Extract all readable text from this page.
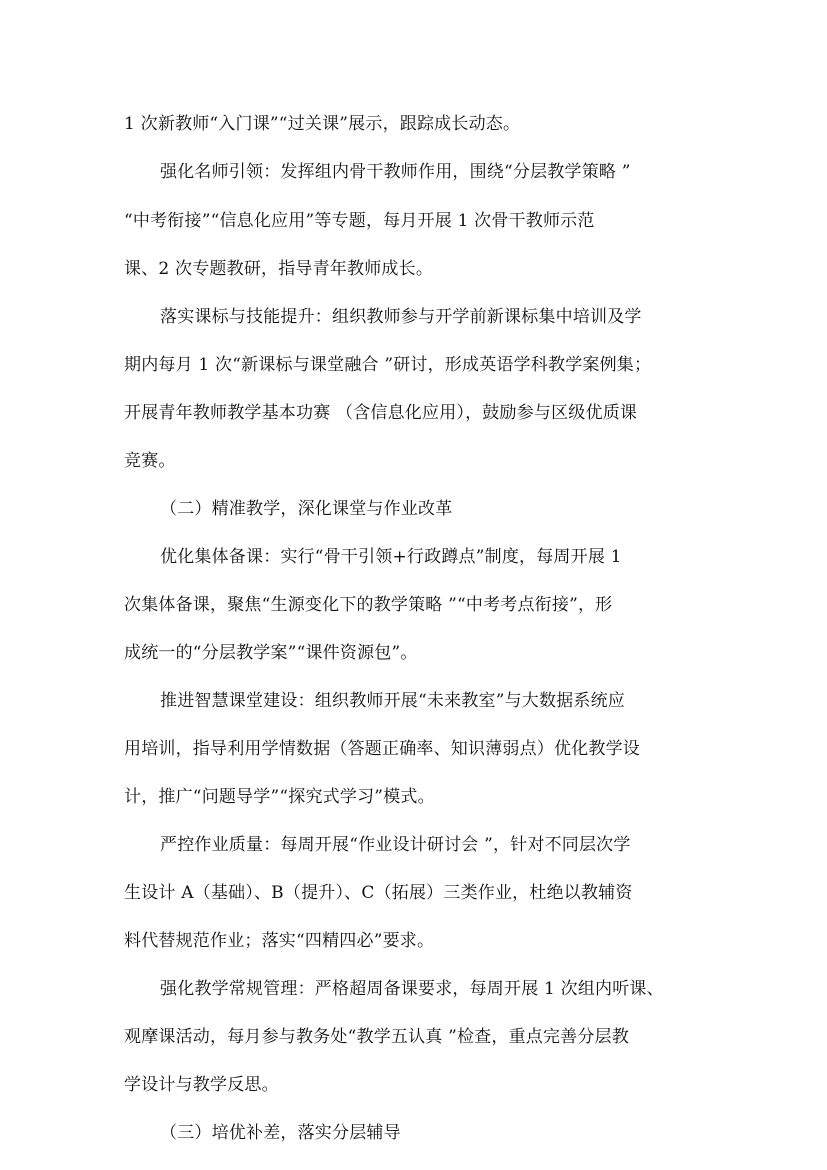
1 次新教师“入门课”“过关课”展示，跟踪成长动态。
强化名师引领：发挥组内骨干教师作用，围绕“分层教学策略 ”
“中考衔接”“信息化应用”等专题，每月开展 1 次骨干教师示范
课、2 次专题教研，指导青年教师成长。
落实课标与技能提升：组织教师参与开学前新课标集中培训及学
期内每月 1 次“新课标与课堂融合 ”研讨，形成英语学科教学案例集；
开展青年教师教学基本功赛 （含信息化应用），鼓励参与区级优质课
竞赛。
（二）精准教学，深化课堂与作业改革
优化集体备课：实行“骨干引领+行政蹲点”制度，每周开展 1
次集体备课，聚焦“生源变化下的教学策略 ”“中考考点衔接”，形
成统一的“分层教学案”“课件资源包”。
推进智慧课堂建设：组织教师开展“未来教室”与大数据系统应
用培训，指导利用学情数据（答题正确率、知识薄弱点）优化教学设
计，推广“问题导学”“探究式学习”模式。
严控作业质量：每周开展“作业设计研讨会 ”，针对不同层次学
生设计 A（基础）、B（提升）、C（拓展）三类作业，杜绝以教辅资
料代替规范作业；落实“四精四必”要求。
强化教学常规管理：严格超周备课要求，每周开展 1 次组内听课、
观摩课活动，每月参与教务处“教学五认真 ”检查，重点完善分层教
学设计与教学反思。
（三）培优补差，落实分层辅导
